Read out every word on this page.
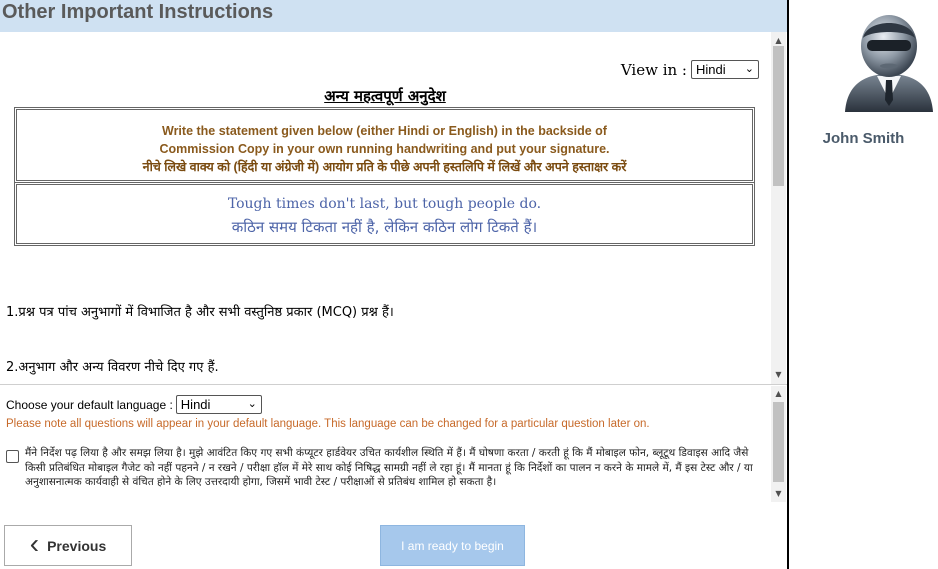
Other Important Instructions
View in : Hindi ⌄
अन्य महत्वपूर्ण अनुदेश
Write the statement given below (either Hindi or English) in the backside of
Commission Copy in your own running handwriting and put your signature.
नीचे लिखे वाक्य को (हिंदी या अंग्रेजी में) आयोग प्रति के पीछे अपनी हस्तलिपि में लिखें और अपने हस्ताक्षर करें
Tough times don't last, but tough people do.
कठिन समय टिकता नहीं है, लेकिन कठिन लोग टिकते हैं।
1.प्रश्न पत्र पांच अनुभागों में विभाजित है और सभी वस्तुनिष्ठ प्रकार (MCQ) प्रश्न हैं।
2.अनुभाग और अन्य विवरण नीचे दिए गए हैं.
▲
▼
Choose your default language : Hindi	⌄
Please note all questions will appear in your default language. This language can be changed for a particular question later on.
मैंने निर्देश पढ़ लिया है और समझ लिया है। मुझे आवंटित किए गए सभी कंप्यूटर हार्डवेयर उचित कार्यशील स्थिति में हैं। मैं घोषणा करता / करती हूं कि मैं मोबाइल फोन, ब्लूटूथ डिवाइस आदि जैसे किसी प्रतिबंधित मोबाइल गैजेट को नहीं पहनने / न रखने / परीक्षा हॉल में मेरे साथ कोई निषिद्ध सामग्री नहीं ले रहा हूं। मैं मानता हूं कि निर्देशों का पालन न करने के मामले में, मैं इस टेस्ट और / या अनुशासनात्मक कार्यवाही से वंचित होने के लिए उत्तरदायी होगा, जिसमें भावी टेस्ट / परीक्षाओं से प्रतिबंध शामिल हो सकता है।
▲
▼
‹ Previous	I am ready to begin
John Smith
